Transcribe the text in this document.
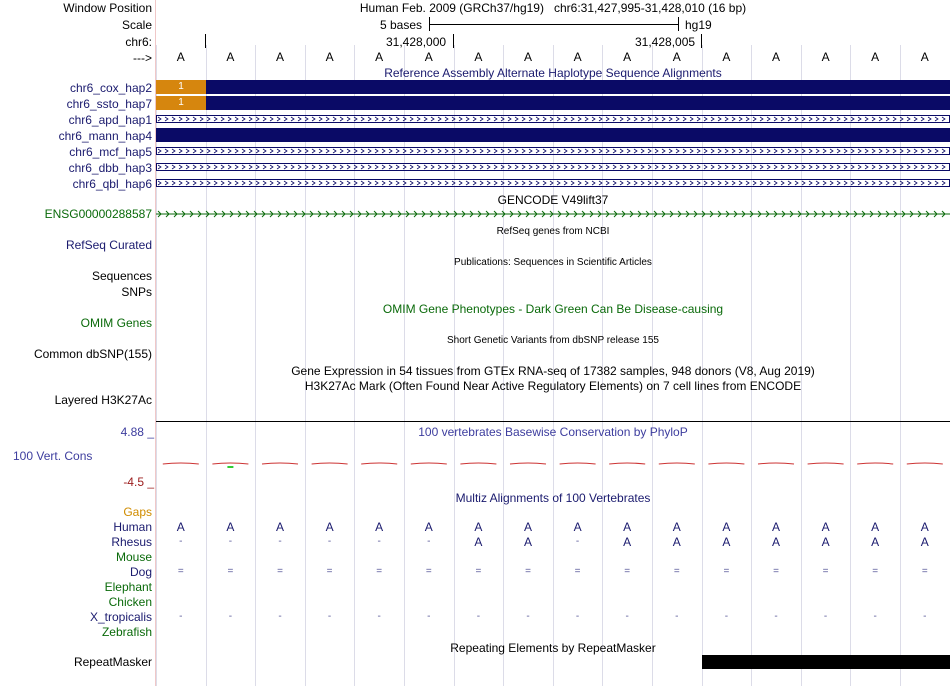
Window Position	Human Feb. 2009 (GRCh37/hg19) chr6:31,427,995-31,428,010 (16 bp)
Scale	5 bases	hg19
chr6:	31,428,000	31,428,005
--->	A	A	A	A	A	A	A	A	A	A	A	A	A	A	A	A
Reference Assembly Alternate Haplotype Sequence Alignments
chr6_cox_hap2	1
chr6_ssto_hap7	1
chr6_apd_hap1
chr6_mann_hap4
chr6_mcf_hap5
chr6_dbb_hap3
chr6_qbl_hap6
GENCODE V49lift37
ENSG00000288587
RefSeq genes from NCBI
RefSeq Curated
Publications: Sequences in Scientific Articles
Sequences
SNPs
OMIM Gene Phenotypes - Dark Green Can Be Disease-causing
OMIM Genes
Short Genetic Variants from dbSNP release 155
Common dbSNP(155)
Gene Expression in 54 tissues from GTEx RNA-seq of 17382 samples, 948 donors (V8, Aug 2019)
H3K27Ac Mark (Often Found Near Active Regulatory Elements) on 7 cell lines from ENCODE
Layered H3K27Ac
100 vertebrates Basewise Conservation by PhyloP
4.88 _
100 Vert. Cons
-4.5 _
Multiz Alignments of 100 Vertebrates
Gaps
Human	A	A	A	A	A	A	A	A	A	A	A	A	A	A	A	A
Rhesus	-	-	-	-	-	-	A	A	-	A	A	A	A	A	A	A
Mouse
Dog	=	=	=	=	=	=	=	=	=	=	=	=	=	=	=	=
Elephant
Chicken
X_tropicalis	-	-	-	-	-	-	-	-	-	-	-	-	-	-	-	-
Zebrafish
Repeating Elements by RepeatMasker
RepeatMasker
